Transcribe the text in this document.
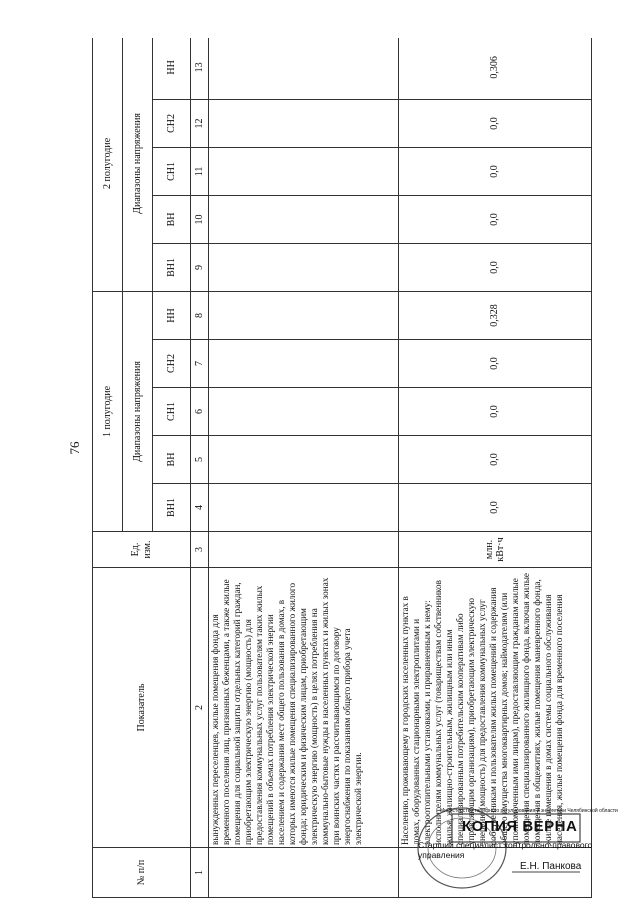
76
№ п/п	Показатель	Ед. изм.	1 полугодие					2 полугодие				
			Диапазоны напряжения					Диапазоны напряжения				
			ВН1	ВН	СН1	СН2	НН	ВН1	ВН	СН1	СН2	НН
1	2	3	4	5	6	7	8	9	10	11	12	13
	вынужденных переселенцев, жилые помещения фонда для временного поселения лиц, признанных беженцами, а также жилые помещения для социальной защиты отдельных категорий граждан, приобретающим электрическую энергию (мощность) для предоставления коммунальных услуг пользователям таких жилых помещений в объемах потребления электрической энергии населением и содержания мест общего пользования в домах, в которых имеются жилые помещения специализированного жилого фонда; юридическим и физическим лицам, приобретающим электрическую энергию (мощность) в целях потребления на коммунально-бытовые нужды в населенных пунктах и жилых зонах при воинских частях и рассчитывающимся по договору энергоснабжения по показаниям общего прибора учета электрической энергии.											
	Населению, проживающему в городских населенных пунктах в домах, оборудованных стационарными электроплитами и электроотопительными установками, и приравненным к нему: исполнителям коммунальных услуг (товариществам собственников жилья, жилищно-строительным, жилищным или иным специализированным потребительским кооперативам либо управляющим организациям), приобретающим электрическую энергию (мощность) для предоставления коммунальных услуг собственникам и пользователям жилых помещений и содержания общего имущества многоквартирных домов; наймодателям (или уполномоченным ими лицам), предоставляющим гражданам жилые помещения специализированного жилищного фонда, включая жилые помещения в общежитиях, жилые помещения маневренного фонда, жилые помещения в домах системы социального обслуживания населения, жилые помещения фонда для временного поселения	млн. кВт·ч	0,0	0,0	0,0	0,0	0,328	0,0	0,0	0,0	0,0	0,306
Министерство тарифного регулирования и энергетики Челябинской области
КОПИЯ ВЕРНА
Старший специалист контрольно-правового управления
Е.Н. Панкова
